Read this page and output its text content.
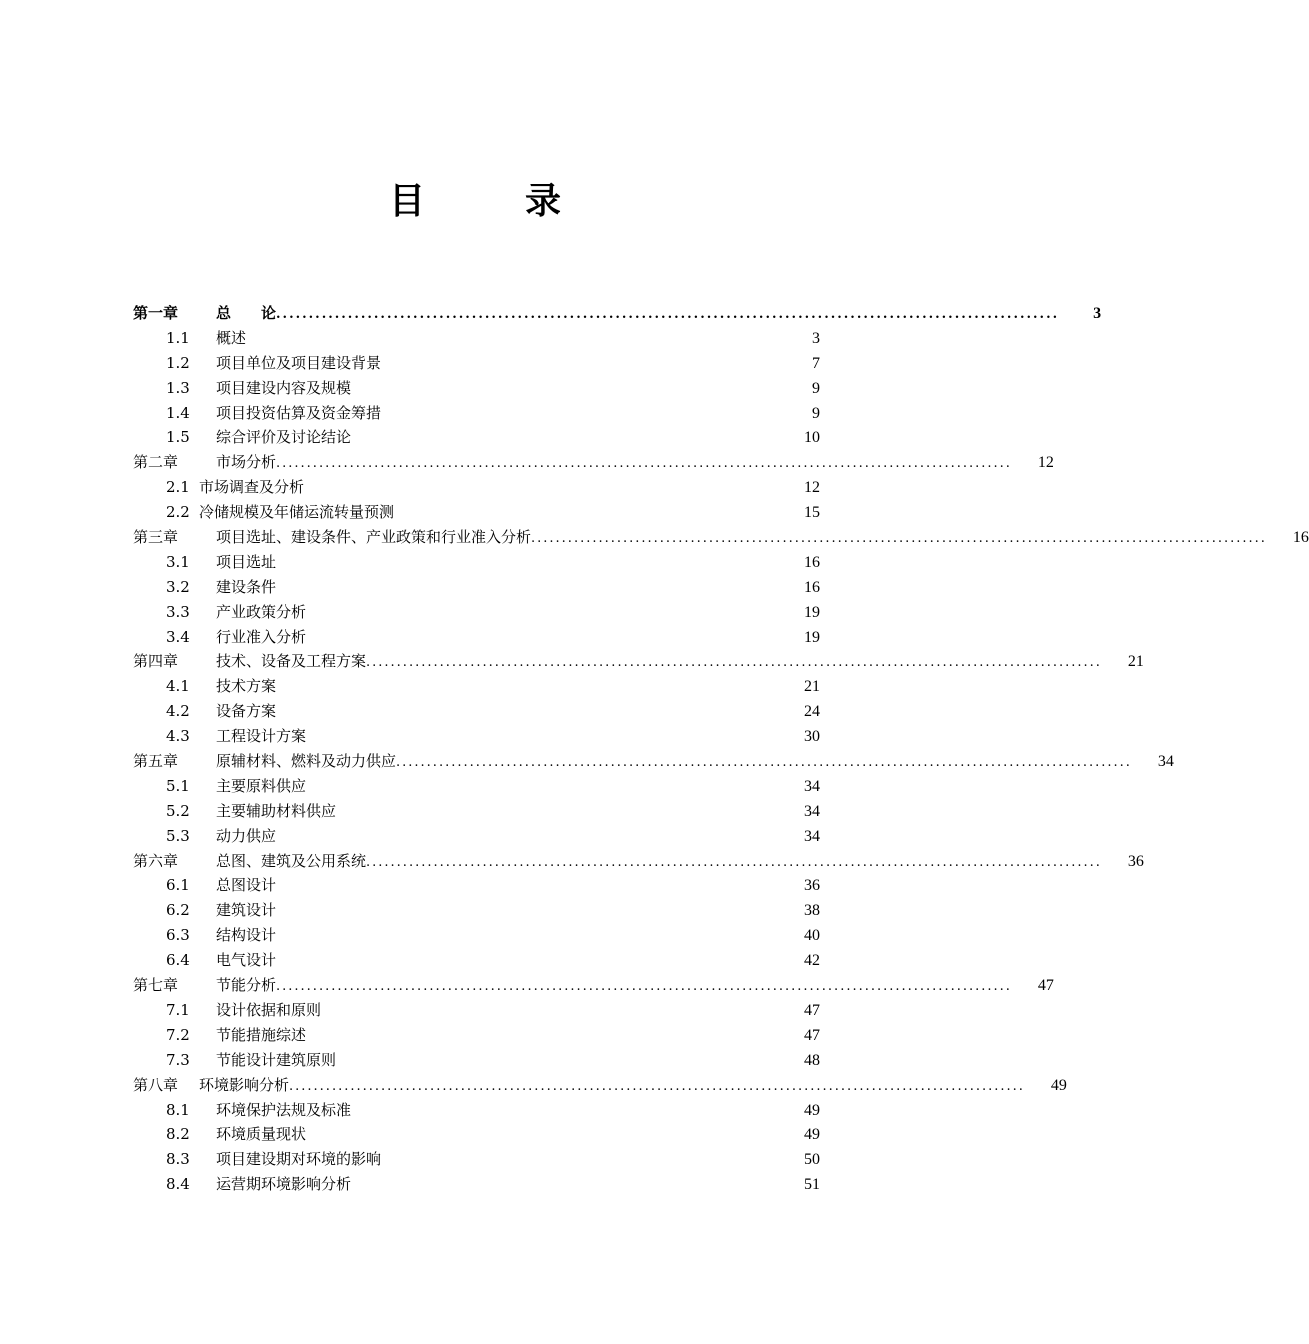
目	录
第一章	总　　论 ........................................................................................................................	3
1.1	概述	3
1.2	项目单位及项目建设背景	7
1.3	项目建设内容及规模	9
1.4	项目投资估算及资金筹措	9
1.5	综合评价及讨论结论	10
第二章	市场分析 ........................................................................................................................	12
2.1 市场调查及分析	12
2.2 冷储规模及年储运流转量预测	15
第三章	项目选址、建设条件、产业政策和行业准入分析 ........................................................................................................................	16
3.1	项目选址	16
3.2	建设条件	16
3.3	产业政策分析	19
3.4	行业准入分析	19
第四章	技术、设备及工程方案 ........................................................................................................................	21
4.1	技术方案	21
4.2	设备方案	24
4.3	工程设计方案	30
第五章	原辅材料、燃料及动力供应 ........................................................................................................................	34
5.1	主要原料供应	34
5.2	主要辅助材料供应	34
5.3	动力供应	34
第六章	总图、建筑及公用系统 ........................................................................................................................	36
6.1	总图设计	36
6.2	建筑设计	38
6.3	结构设计	40
6.4	电气设计	42
第七章	节能分析 ........................................................................................................................	47
7.1	设计依据和原则	47
7.2	节能措施综述	47
7.3	节能设计建筑原则	48
第八章	环境影响分析 ........................................................................................................................	49
8.1	环境保护法规及标准	49
8.2	环境质量现状	49
8.3	项目建设期对环境的影响	50
8.4	运营期环境影响分析	51
